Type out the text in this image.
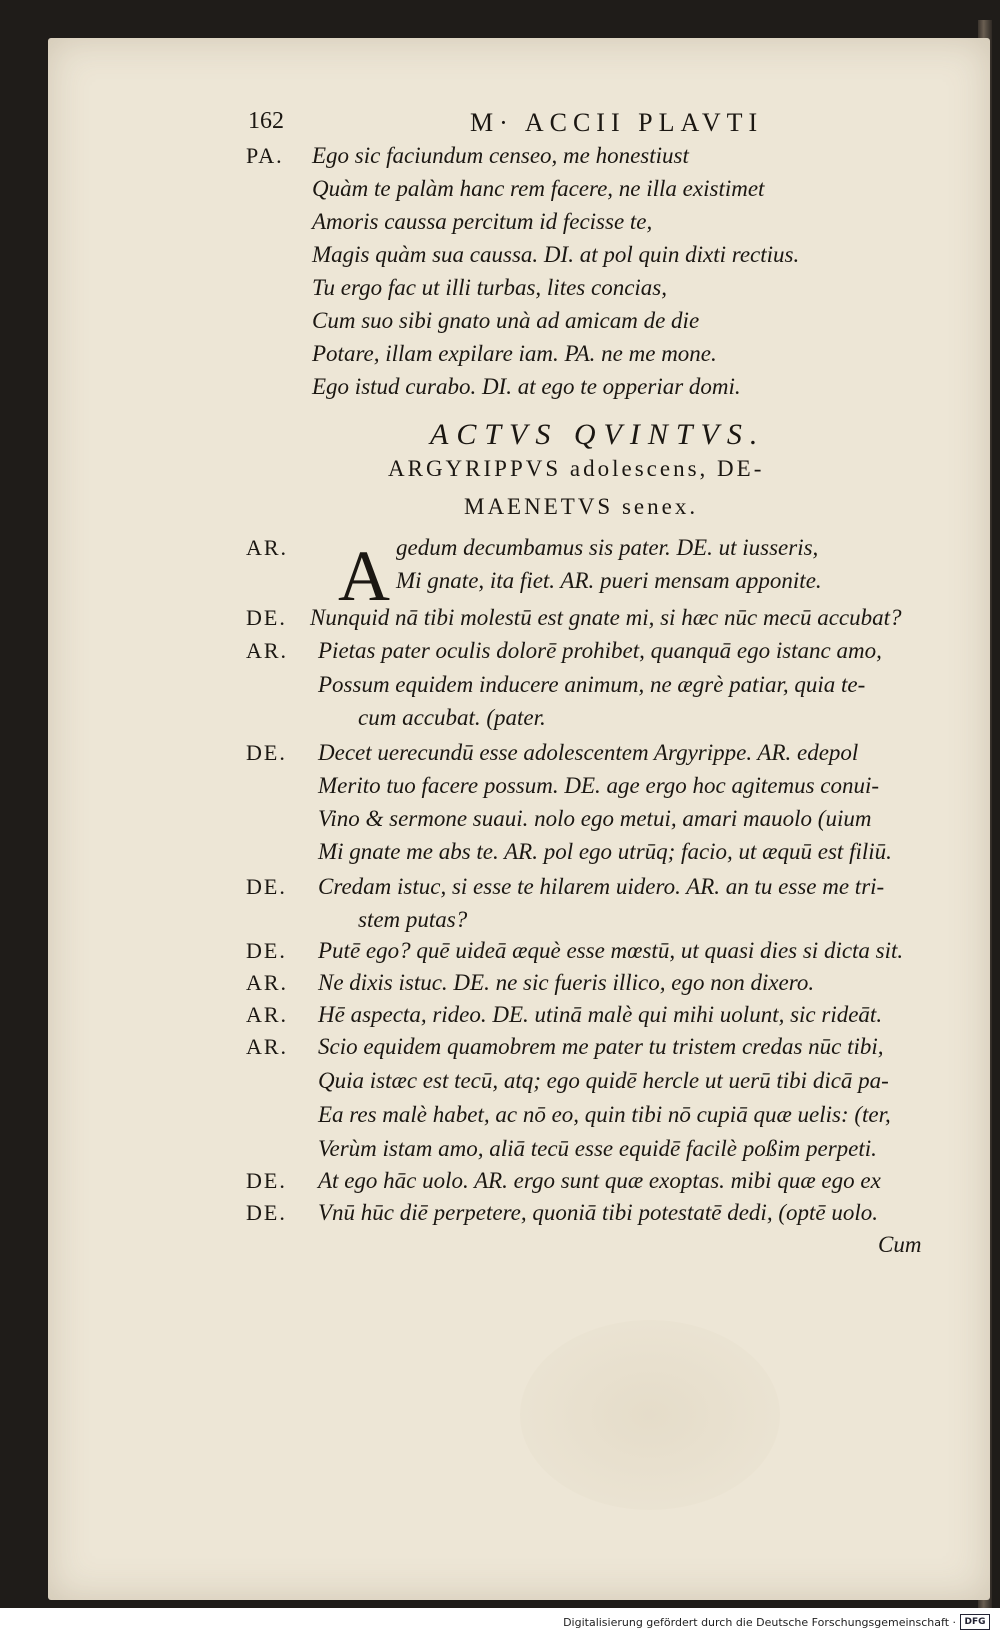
162	M· ACCII PLAVTI
ACTVS QVINTVS.
ARGYRIPPVS adolescens, DE-
MAENETVS senex.
A
PA. Ego sic faciundum censeo, me honestiust
Quàm te palàm hanc rem facere, ne illa existimet
Amoris caussa percitum id fecisse te,
Magis quàm sua caussa. DI. at pol quin dixti rectius.
Tu ergo fac ut illi turbas, lites concias,
Cum suo sibi gnato unà ad amicam de die
Potare, illam expilare iam. PA. ne me mone.
Ego istud curabo. DI. at ego te opperiar domi.
AR.	gedum decumbamus sis pater. DE. ut iusseris,
Mi gnate, ita fiet. AR. pueri mensam apponite.
DE. Nunquid nā tibi molestū est gnate mi, si hæc nūc mecū accubat?
AR. Pietas pater oculis dolorē prohibet, quanquā ego istanc amo,
Possum equidem inducere animum, ne ægrè patiar, quia te-
cum accubat. (pater.
DE. Decet uerecundū esse adolescentem Argyrippe. AR. edepol
Merito tuo facere possum. DE. age ergo hoc agitemus conui-
Vino & sermone suaui. nolo ego metui, amari mauolo (uium
Mi gnate me abs te. AR. pol ego utrūq; facio, ut æquū est filiū.
DE. Credam istuc, si esse te hilarem uidero. AR. an tu esse me tri-
stem putas?
DE. Putē ego? quē uideā æquè esse mœstū, ut quasi dies si dicta sit.
AR. Ne dixis istuc. DE. ne sic fueris illico, ego non dixero.
AR. Hē aspecta, rideo. DE. utinā malè qui mihi uolunt, sic rideāt.
AR. Scio equidem quamobrem me pater tu tristem credas nūc tibi,
Quia istæc est tecū, atq; ego quidē hercle ut uerū tibi dicā pa-
Ea res malè habet, ac nō eo, quin tibi nō cupiā quæ uelis: (ter,
Verùm istam amo, aliā tecū esse equidē facilè poßim perpeti.
DE. At ego hāc uolo. AR. ergo sunt quæ exoptas. mibi quæ ego ex
DE. Vnū hūc diē perpetere, quoniā tibi potestatē dedi, (optē uolo.
Cum
Digitalisierung gefördert durch die Deutsche Forschungsgemeinschaft · DFG
